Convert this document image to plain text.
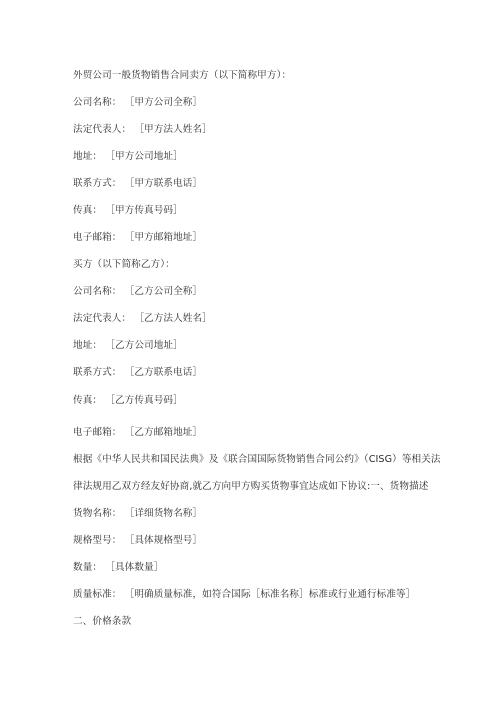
外贸公司一般货物销售合同卖方（以下简称甲方）：
公司名称： ［甲方公司全称］
法定代表人： ［甲方法人姓名］
地址： ［甲方公司地址］
联系方式： ［甲方联系电话］
传真： ［甲方传真号码］
电子邮箱： ［甲方邮箱地址］
买方（以下简称乙方）：
公司名称： ［乙方公司全称］
法定代表人： ［乙方法人姓名］
地址： ［乙方公司地址］
联系方式： ［乙方联系电话］
传真： ［乙方传真号码］
电子邮箱： ［乙方邮箱地址］
根据《中华人民共和国民法典》及《联合国国际货物销售合同公约》（CISG）等相关法
律法规用乙双方经友好协商,就乙方向甲方购买货物事宜达成如下协议:一、货物描述
货物名称： ［详细货物名称］
规格型号： ［具体规格型号］
数量： ［具体数量］
质量标准： ［明确质量标准，如符合国际［标准名称］标准或行业通行标准等］
二、价格条款
